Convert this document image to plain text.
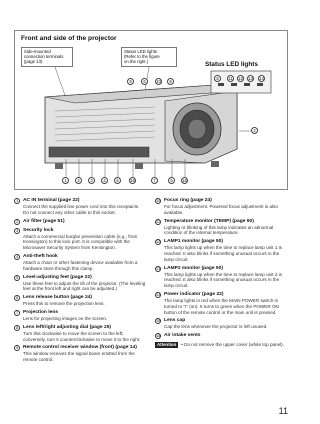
Front and side of the projector
Side-mounted
connection terminals
(page 13)
Status LED lights
(Refer to the figure
on the right.)	Status LED lights
9	6	10	8
8	11	12 13 14
2
1	2	3	4	5	16	7	5	16
1	AC IN terminal (page 22)
Connect the supplied line power cord into this receptacle. Do not connect any other cable to this socket.
2	Air filter (page 51)
3	Security lock
Attach a commercial burglar prevention cable (e.g., from Kensington) to this lock port. It is compatible with the Microsaver Security System from Kensington.
4	Anti-theft hook
Attach a chain or other fastening device available from a hardware store through this clamp.
5	Level-adjusting feet (page 22)
Use these feet to adjust the tilt of the projector. (The leveling feet at the front left and right can be adjusted.)
6	Lens release button (page 24)
Press this to remove the projection lens.
7	Projection lens
Lens for projecting images on the screen.
8	Lens left/right adjusting dial (page 25)
Turn this clockwise to move the screen to the left; conversely, turn it counterclockwise to move it to the right.
9	Remote control receiver window (front) (page 14)
This window receives the signal beam emitted from the remote control.
10 Focus ring (page 24)
For focus adjustment. Powered focus adjustment is also available.
11 Temperature monitor (TEMP) (page 50)
Lighting or blinking of this lamp indicates an abnormal condition of the internal temperature.
12 LAMP1 monitor (page 50)
This lamp lights up when the time to replace lamp unit 1 is reached. It also blinks if something unusual occurs in the lamp circuit.
13 LAMP2 monitor (page 50)
This lamp lights up when the time to replace lamp unit 2 is reached. It also blinks if something unusual occurs in the lamp circuit.
14 Power indicator (page 22)
The lamp lights in red when the MAIN POWER switch is turned to "I" (on). It turns to green when the POWER ON button of the remote control or the main unit is pressed.
15 Lens cap
Cap the lens whenever the projector is left unused.
16 Air intake vents
Attention	• Do not remove the upper cover (white top panel).
11
